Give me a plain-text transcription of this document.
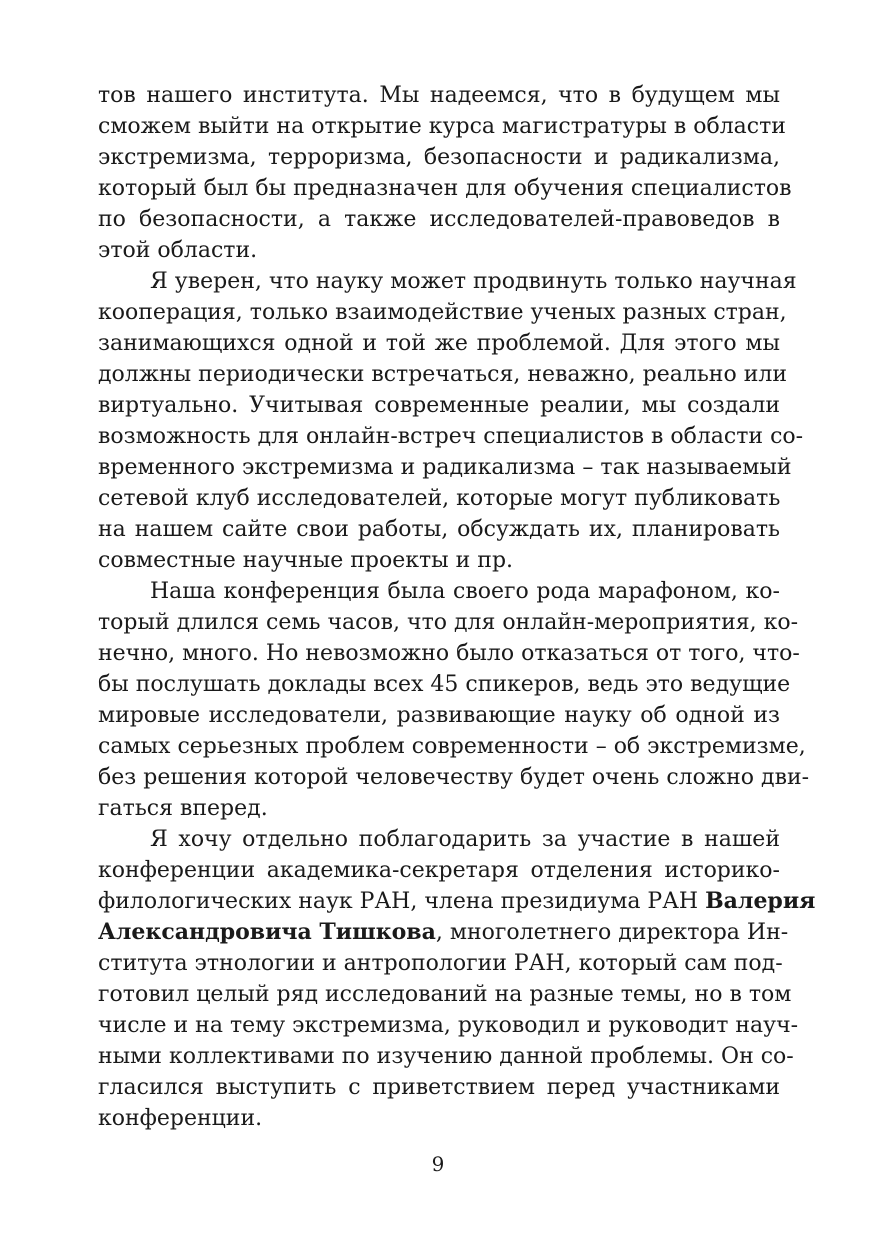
тов нашего института. Мы надеемся, что в будущем мы
сможем выйти на открытие курса магистратуры в области
экстремизма, терроризма, безопасности и радикализма,
который был бы предназначен для обучения специалистов
по безопасности, а также исследователей-правоведов в
этой области.
Я уверен, что науку может продвинуть только научная
кооперация, только взаимодействие ученых разных стран,
занимающихся одной и той же проблемой. Для этого мы
должны периодически встречаться, неважно, реально или
виртуально. Учитывая современные реалии, мы создали
возможность для онлайн-встреч специалистов в области со-
временного экстремизма и радикализма – так называемый
сетевой клуб исследователей, которые могут публиковать
на нашем сайте свои работы, обсуждать их, планировать
совместные научные проекты и пр.
Наша конференция была своего рода марафоном, ко-
торый длился семь часов, что для онлайн-мероприятия, ко-
нечно, много. Но невозможно было отказаться от того, что-
бы послушать доклады всех 45 спикеров, ведь это ведущие
мировые исследователи, развивающие науку об одной из
самых серьезных проблем современности – об экстремизме,
без решения которой человечеству будет очень сложно дви-
гаться вперед.
Я хочу отдельно поблагодарить за участие в нашей
конференции академика-секретаря отделения историко-
филологических наук РАН, члена президиума РАН Валерия
Александровича Тишкова, многолетнего директора Ин-
ститута этнологии и антропологии РАН, который сам под-
готовил целый ряд исследований на разные темы, но в том
числе и на тему экстремизма, руководил и руководит науч-
ными коллективами по изучению данной проблемы. Он со-
гласился выступить с приветствием перед участниками
конференции.
9
